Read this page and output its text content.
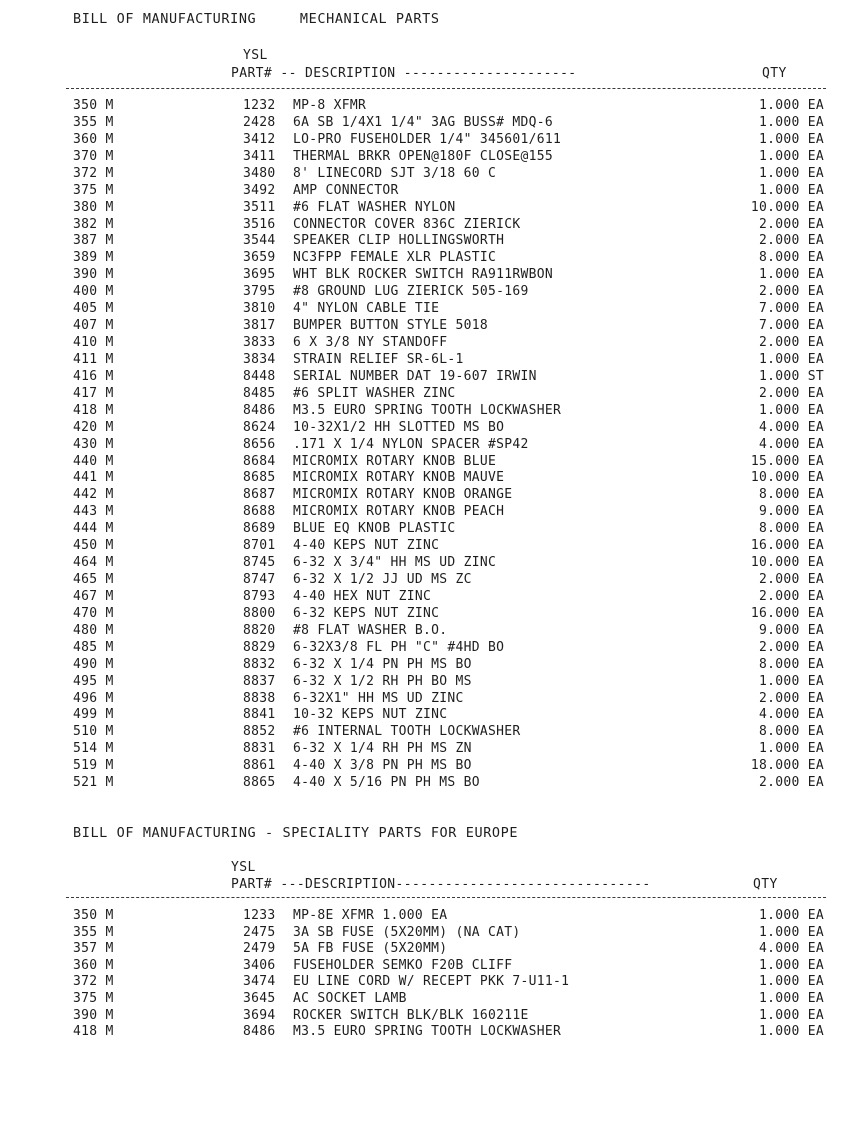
BILL OF MANUFACTURING     MECHANICAL PARTS
YSL
PART# -- DESCRIPTION ---------------------	QTY
350 M	1232 MP-8 XFMR	1.000 EA
355 M	2428 6A SB 1/4X1 1/4" 3AG BUSS# MDQ-6	1.000 EA
360 M	3412 LO-PRO FUSEHOLDER 1/4" 345601/611	1.000 EA
370 M	3411 THERMAL BRKR OPEN@180F CLOSE@155	1.000 EA
372 M	3480 8' LINECORD SJT 3/18 60 C	1.000 EA
375 M	3492 AMP CONNECTOR	1.000 EA
380 M	3511 #6 FLAT WASHER NYLON	10.000 EA
382 M	3516 CONNECTOR COVER 836C ZIERICK	2.000 EA
387 M	3544 SPEAKER CLIP HOLLINGSWORTH	2.000 EA
389 M	3659 NC3FPP FEMALE XLR PLASTIC	8.000 EA
390 M	3695 WHT BLK ROCKER SWITCH RA911RWBON	1.000 EA
400 M	3795 #8 GROUND LUG ZIERICK 505-169	2.000 EA
405 M	3810 4" NYLON CABLE TIE	7.000 EA
407 M	3817 BUMPER BUTTON STYLE 5018	7.000 EA
410 M	3833 6 X 3/8 NY STANDOFF	2.000 EA
411 M	3834 STRAIN RELIEF SR-6L-1	1.000 EA
416 M	8448 SERIAL NUMBER DAT 19-607 IRWIN	1.000 ST
417 M	8485 #6 SPLIT WASHER ZINC	2.000 EA
418 M	8486 M3.5 EURO SPRING TOOTH LOCKWASHER	1.000 EA
420 M	8624 10-32X1/2 HH SLOTTED MS BO	4.000 EA
430 M	8656 .171 X 1/4 NYLON SPACER #SP42	4.000 EA
440 M	8684 MICROMIX ROTARY KNOB BLUE	15.000 EA
441 M	8685 MICROMIX ROTARY KNOB MAUVE	10.000 EA
442 M	8687 MICROMIX ROTARY KNOB ORANGE	8.000 EA
443 M	8688 MICROMIX ROTARY KNOB PEACH	9.000 EA
444 M	8689 BLUE EQ KNOB PLASTIC	8.000 EA
450 M	8701 4-40 KEPS NUT ZINC	16.000 EA
464 M	8745 6-32 X 3/4" HH MS UD ZINC	10.000 EA
465 M	8747 6-32 X 1/2 JJ UD MS ZC	2.000 EA
467 M	8793 4-40 HEX NUT ZINC	2.000 EA
470 M	8800 6-32 KEPS NUT ZINC	16.000 EA
480 M	8820 #8 FLAT WASHER B.O.	9.000 EA
485 M	8829 6-32X3/8 FL PH "C" #4HD BO	2.000 EA
490 M	8832 6-32 X 1/4 PN PH MS BO	8.000 EA
495 M	8837 6-32 X 1/2 RH PH BO MS	1.000 EA
496 M	8838 6-32X1" HH MS UD ZINC	2.000 EA
499 M	8841 10-32 KEPS NUT ZINC	4.000 EA
510 M	8852 #6 INTERNAL TOOTH LOCKWASHER	8.000 EA
514 M	8831 6-32 X 1/4 RH PH MS ZN	1.000 EA
519 M	8861 4-40 X 3/8 PN PH MS BO	18.000 EA
521 M	8865 4-40 X 5/16 PN PH MS BO	2.000 EA
BILL OF MANUFACTURING - SPECIALITY PARTS FOR EUROPE
YSL
PART# ---DESCRIPTION-------------------------------	QTY
350 M	1233 MP-8E XFMR 1.000 EA	1.000 EA
355 M	2475 3A SB FUSE (5X20MM) (NA CAT)	1.000 EA
357 M	2479 5A FB FUSE (5X20MM)	4.000 EA
360 M	3406 FUSEHOLDER SEMKO F20B CLIFF	1.000 EA
372 M	3474 EU LINE CORD W/ RECEPT PKK 7-U11-1	1.000 EA
375 M	3645 AC SOCKET LAMB	1.000 EA
390 M	3694 ROCKER SWITCH BLK/BLK 160211E	1.000 EA
418 M	8486 M3.5 EURO SPRING TOOTH LOCKWASHER	1.000 EA
